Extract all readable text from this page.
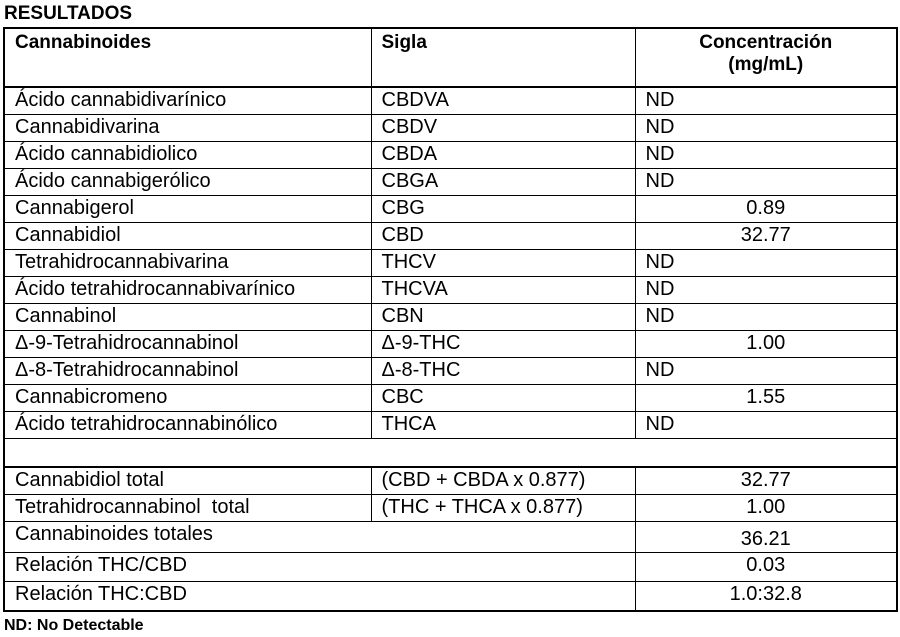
RESULTADOS
Cannabinoides	Sigla	Concentración
(mg/mL)
Ácido cannabidivarínico	CBDVA	ND
Cannabidivarina	CBDV	ND
Ácido cannabidiolico	CBDA	ND
Ácido cannabigerólico	CBGA	ND
Cannabigerol	CBG	0.89
Cannabidiol	CBD	32.77
Tetrahidrocannabivarina	THCV	ND
Ácido tetrahidrocannabivarínico	THCVA	ND
Cannabinol	CBN	ND
Δ-9-Tetrahidrocannabinol	Δ-9-THC	1.00
Δ-8-Tetrahidrocannabinol	Δ-8-THC	ND
Cannabicromeno	CBC	1.55
Ácido tetrahidrocannabinólico	THCA	ND

Cannabidiol total	(CBD + CBDA x 0.877)	32.77
Tetrahidrocannabinol  total	(THC + THCA x 0.877)	1.00
Cannabinoides totales		36.21
Relación THC/CBD		0.03
Relación THC:CBD		1.0:32.8
ND: No Detectable
